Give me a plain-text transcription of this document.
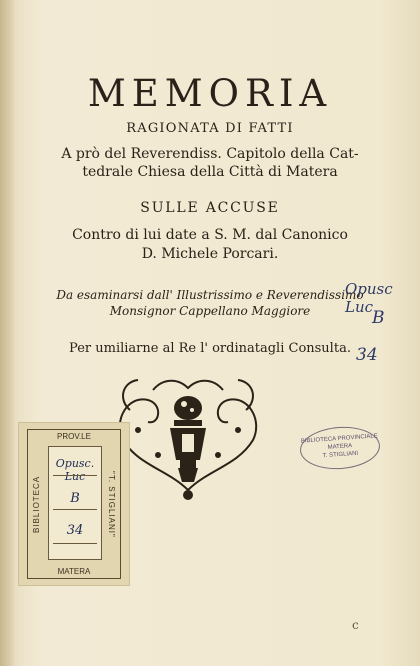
MEMORIA
RAGIONATA DI FATTI
A prò del Reverendiss. Capitolo della Cat-
tedrale Chiesa della Città di Matera
SULLE ACCUSE
Contro di lui date a S. M. dal Canonico
D. Michele Porcari.
Da esaminarsi dall' Illustrissimo e Reverendissimo
Monsignor Cappellano Maggiore
Per umiliarne al Re l' ordinatagli Consulta.
Opusc Luc
B
34
PROV.LE
BIBLIOTECA	"T. STIGLIANI"
Opusc. Luc
B
34
MATERA
BIBLIOTECA PROVINCIALE
MATERA
T. STIGLIANI
c
